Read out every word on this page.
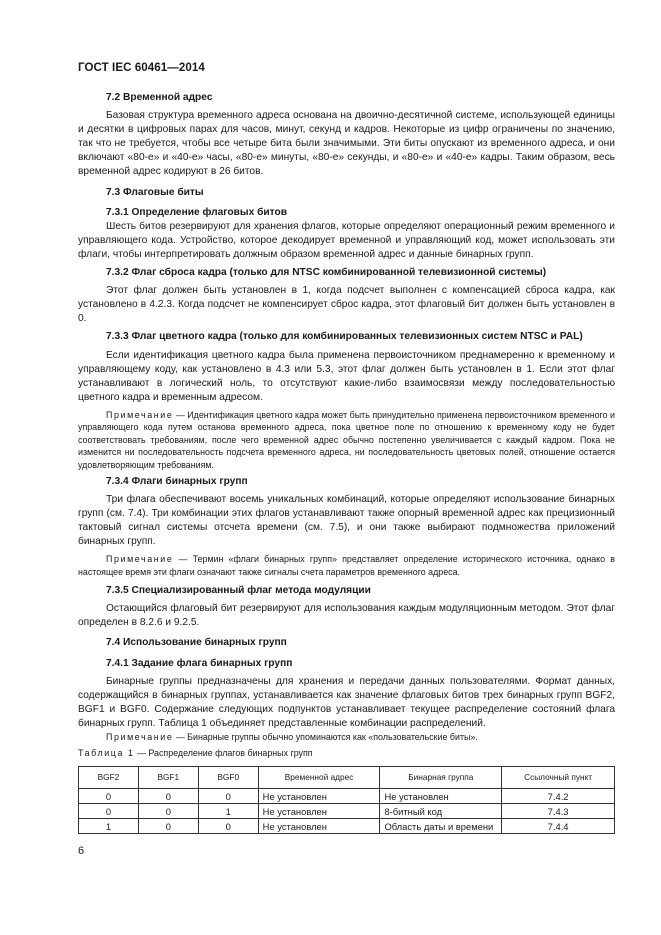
ГОСТ IEC 60461—2014

7.2 Временной адрес

Базовая структура временного адреса основана на двоично-десятичной системе, использующей единицы и десятки в цифровых парах для часов, минут, секунд и кадров. Некоторые из цифр ограничены по значению, так что не требуется, чтобы все четыре бита были значимыми. Эти биты опускают из временного адреса, и они включают «80-е» и «40-е» часы, «80-е» минуты, «80-е» секунды, и «80-е» и «40-е» кадры. Таким образом, весь временной адрес кодируют в 26 битов.

7.3 Флаговые биты

7.3.1 Определение флаговых битов

Шесть битов резервируют для хранения флагов, которые определяют операционный режим временного и управляющего кода. Устройство, которое декодирует временной и управляющий код, может использовать эти флаги, чтобы интерпретировать должным образом временной адрес и данные бинарных групп.

7.3.2 Флаг сброса кадра (только для NTSC комбинированной телевизионной системы)

Этот флаг должен быть установлен в 1, когда подсчет выполнен с компенсацией сброса кадра, как установлено в 4.2.3. Когда подсчет не компенсирует сброс кадра, этот флаговый бит должен быть установлен в 0.

7.3.3 Флаг цветного кадра (только для комбинированных телевизионных систем NTSC и PAL)

Если идентификация цветного кадра была применена первоисточником преднамеренно к временному и управляющему коду, как установлено в 4.3 или 5.3, этот флаг должен быть установлен в 1. Если этот флаг устанавливают в логический ноль, то отсутствуют какие-либо взаимосвязи между последовательностью цветного кадра и временным адресом.

Примечание — Идентификация цветного кадра может быть принудительно применена первоисточником временного и управляющего кода путем останова временного адреса, пока цветное поле по отношению к временному коду не будет соответствовать требованиям, после чего временной адрес обычно постепенно увеличивается с каждый кадром. Пока не изменится ни последовательность подсчета временного адреса, ни последовательность цветовых полей, отношение остается удовлетворяющим требованиям.

7.3.4 Флаги бинарных групп

Три флага обеспечивают восемь уникальных комбинаций, которые определяют использование бинарных групп (см. 7.4). Три комбинации этих флагов устанавливают также опорный временной адрес как прецизионный тактовый сигнал системы отсчета времени (см. 7.5), и они также выбирают подмножества приложений бинарных групп.

Примечание — Термин «флаги бинарных групп» представляет определение исторического источника, однако в настоящее время эти флаги означают также сигналы счета параметров временного адреса.

7.3.5 Специализированный флаг метода модуляции

Остающийся флаговый бит резервируют для использования каждым модуляционным методом. Этот флаг определен в 8.2.6 и 9.2.5.

7.4 Использование бинарных групп

7.4.1 Задание флага бинарных групп

Бинарные группы предназначены для хранения и передачи данных пользователями. Формат данных, содержащийся в бинарных группах, устанавливается как значение флаговых битов трех бинарных групп BGF2, BGF1 и BGF0. Содержание следующих подпунктов устанавливает текущее распределение состояний флага бинарных групп. Таблица 1 объединяет представленные комбинации распределений.

Примечание — Бинарные группы обычно упоминаются как «пользовательские биты».

Таблица 1 — Распределение флагов бинарных групп

BGF2	BGF1	BGF0	Временной адрес	Бинарная группа	Ссылочный пункт
0	0	0	Не установлен	Не установлен	7.4.2
0	0	1	Не установлен	8-битный код	7.4.3
1	0	0	Не установлен	Область даты и времени	7.4.4
6
